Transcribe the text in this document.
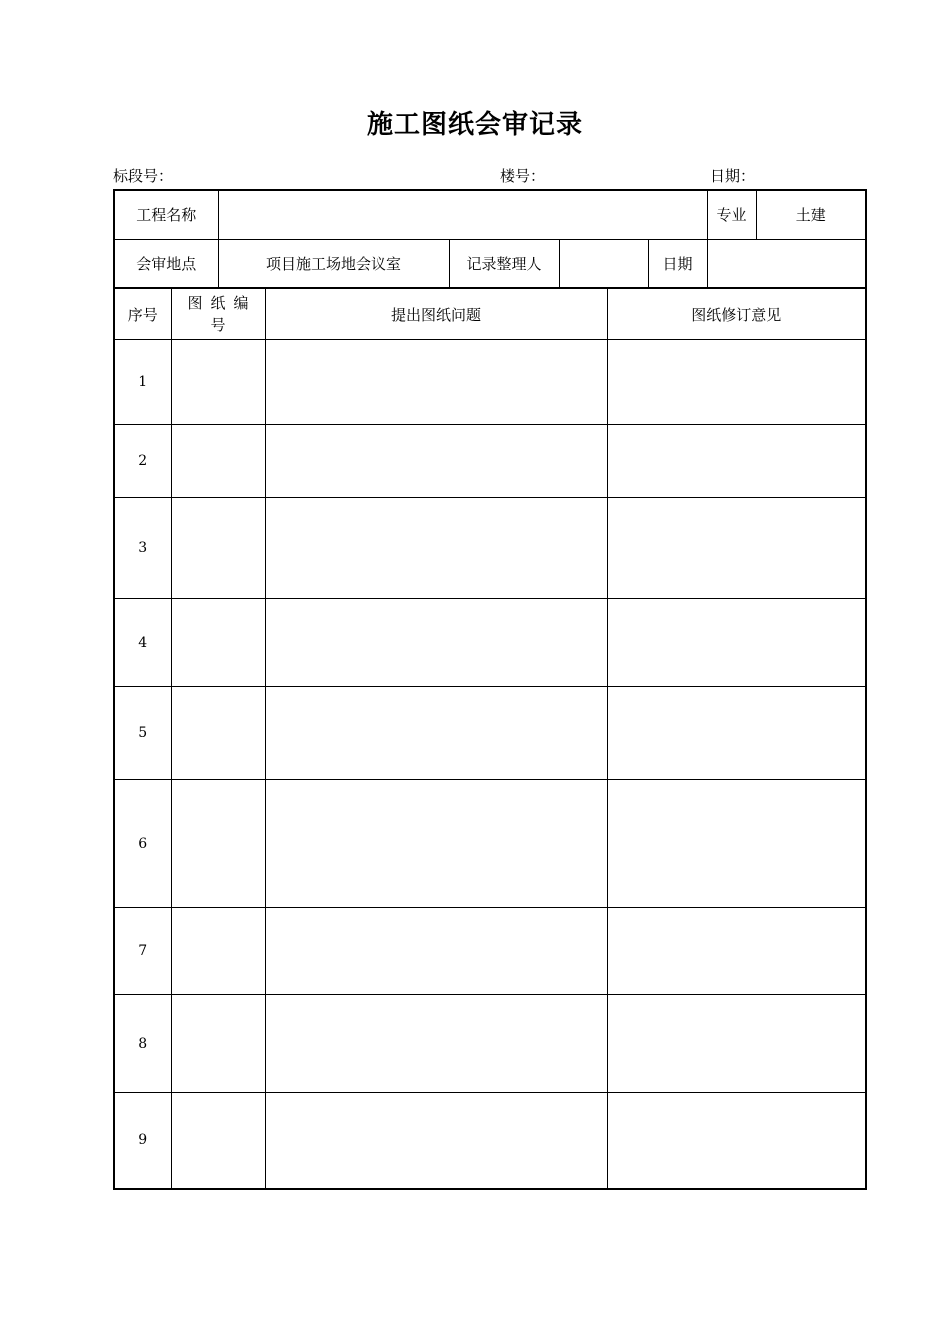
施工图纸会审记录
标段号：	楼号：	日期：
工程名称					专业	土建
会审地点	项目施工场地会议室	记录整理人		日期		
序号	图纸编号	提出图纸问题	图纸修订意见
1			
2			
3			
4			
5			
6			
7			
8			
9			
